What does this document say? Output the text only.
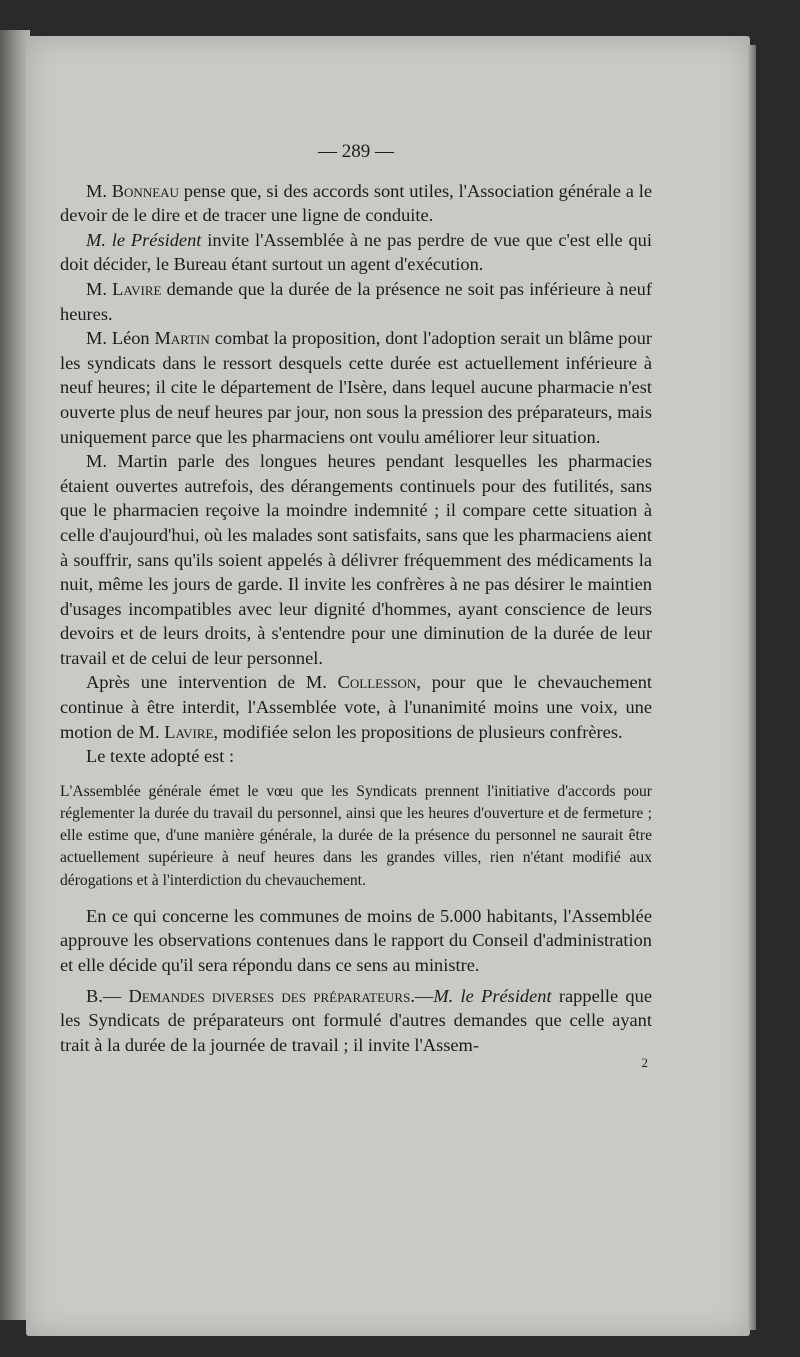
— 289 —

M. Bonneau pense que, si des accords sont utiles, l'Association générale a le devoir de le dire et de tracer une ligne de conduite.

M. le Président invite l'Assemblée à ne pas perdre de vue que c'est elle qui doit décider, le Bureau étant surtout un agent d'exécution.

M. Lavire demande que la durée de la présence ne soit pas inférieure à neuf heures.

M. Léon Martin combat la proposition, dont l'adoption serait un blâme pour les syndicats dans le ressort desquels cette durée est actuellement inférieure à neuf heures; il cite le département de l'Isère, dans lequel aucune pharmacie n'est ouverte plus de neuf heures par jour, non sous la pression des préparateurs, mais uniquement parce que les pharmaciens ont voulu améliorer leur situation.

M. Martin parle des longues heures pendant lesquelles les pharmacies étaient ouvertes autrefois, des dérangements continuels pour des futilités, sans que le pharmacien reçoive la moindre indemnité ; il compare cette situation à celle d'aujourd'hui, où les malades sont satisfaits, sans que les pharmaciens aient à souffrir, sans qu'ils soient appelés à délivrer fréquemment des médicaments la nuit, même les jours de garde. Il invite les confrères à ne pas désirer le maintien d'usages incompatibles avec leur dignité d'hommes, ayant conscience de leurs devoirs et de leurs droits, à s'entendre pour une diminution de la durée de leur travail et de celui de leur personnel.

Après une intervention de M. Collesson, pour que le chevauchement continue à être interdit, l'Assemblée vote, à l'unanimité moins une voix, une motion de M. Lavire, modifiée selon les propositions de plusieurs confrères.

Le texte adopté est :

L'Assemblée générale émet le vœu que les Syndicats prennent l'initiative d'accords pour réglementer la durée du travail du personnel, ainsi que les heures d'ouverture et de fermeture ; elle estime que, d'une manière générale, la durée de la présence du personnel ne saurait être actuellement supérieure à neuf heures dans les grandes villes, rien n'étant modifié aux dérogations et à l'interdiction du chevauchement.

En ce qui concerne les communes de moins de 5.000 habitants, l'Assemblée approuve les observations contenues dans le rapport du Conseil d'administration et elle décide qu'il sera répondu dans ce sens au ministre.

B.— Demandes diverses des préparateurs.—M. le Président rappelle que les Syndicats de préparateurs ont formulé d'autres demandes que celle ayant trait à la durée de la journée de travail ; il invite l'Assem-

2
